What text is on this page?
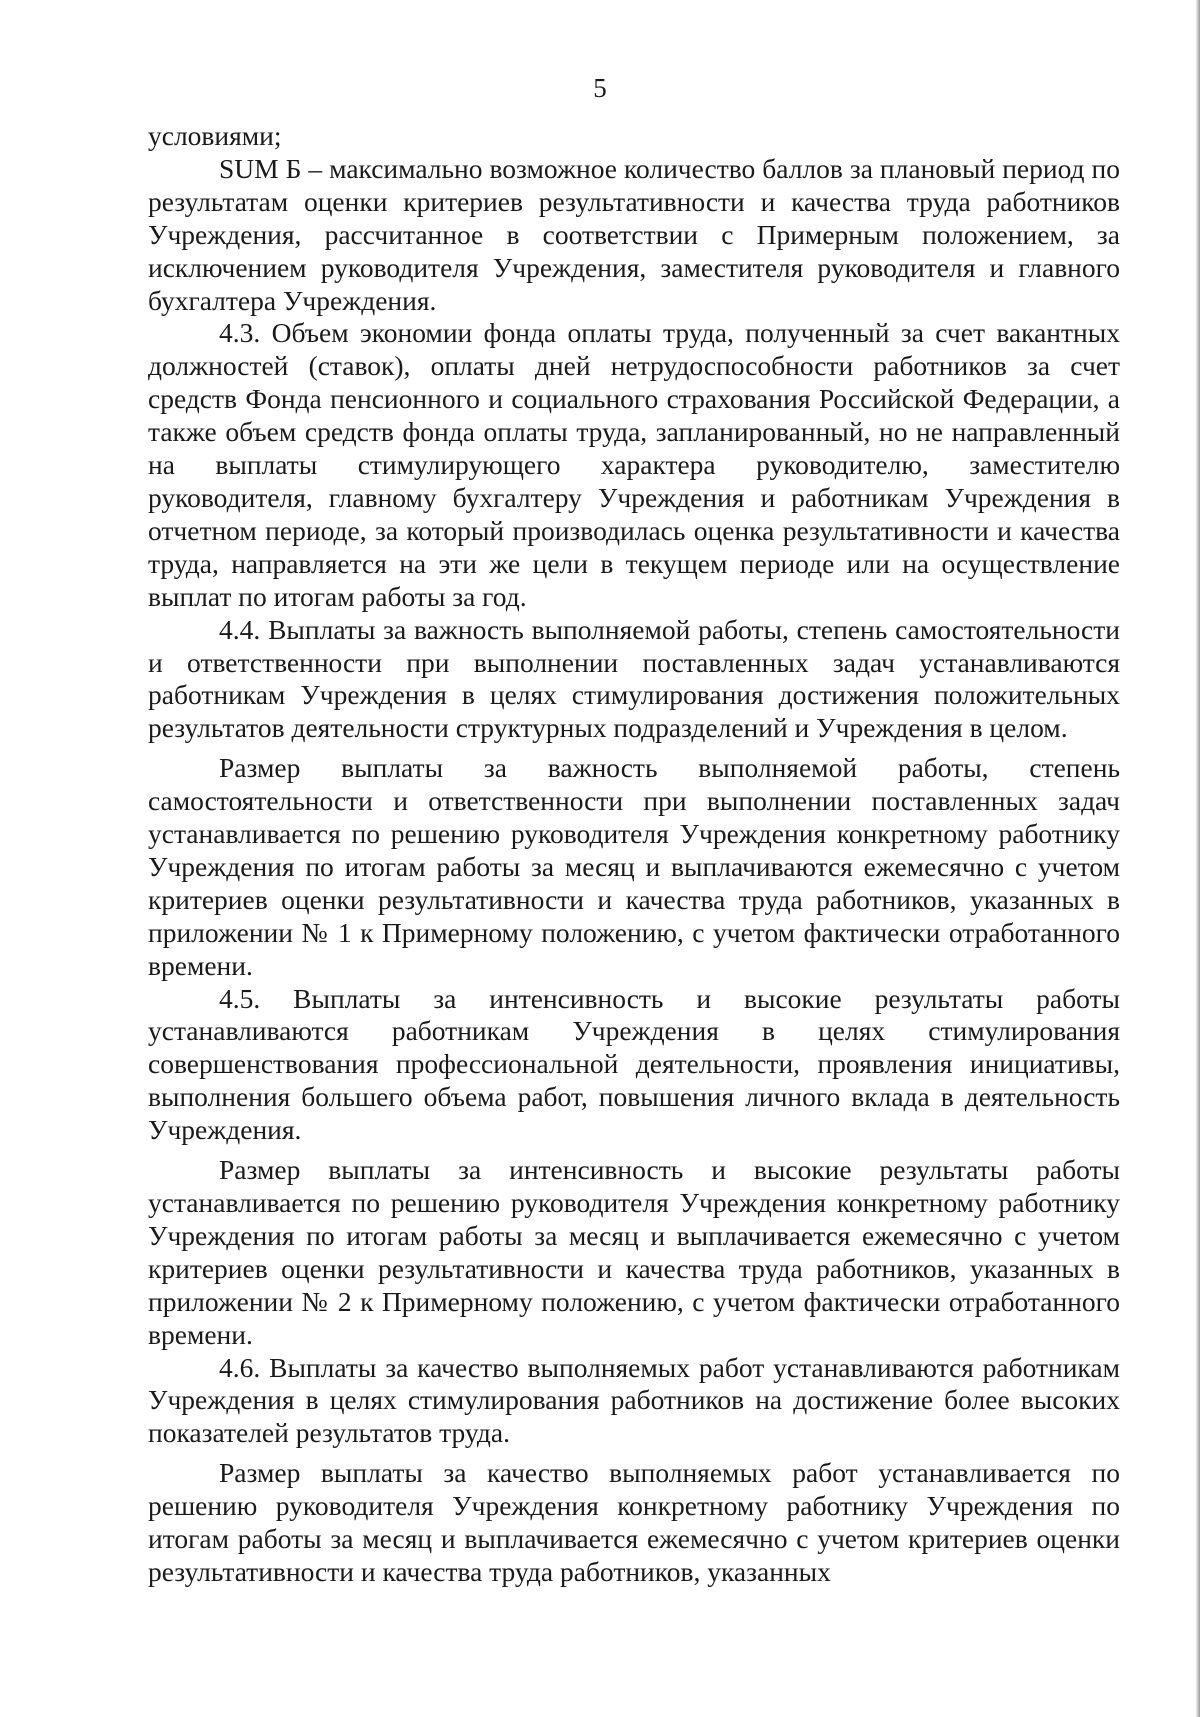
5

условиями;

SUM Б – максимально возможное количество баллов за плановый период по результатам оценки критериев результативности и качества труда работников Учреждения, рассчитанное в соответствии с Примерным положением, за исключением руководителя Учреждения, заместителя руководителя и главного бухгалтера Учреждения.

4.3. Объем экономии фонда оплаты труда, полученный за счет вакантных должностей (ставок), оплаты дней нетрудоспособности работников за счет средств Фонда пенсионного и социального страхования Российской Федерации, а также объем средств фонда оплаты труда, запланированный, но не направленный на выплаты стимулирующего характера руководителю, заместителю руководителя, главному бухгалтеру Учреждения и работникам Учреждения в отчетном периоде, за который производилась оценка результативности и качества труда, направляется на эти же цели в текущем периоде или на осуществление выплат по итогам работы за год.

4.4. Выплаты за важность выполняемой работы, степень самостоятельности и ответственности при выполнении поставленных задач устанавливаются работникам Учреждения в целях стимулирования достижения положительных результатов деятельности структурных подразделений и Учреждения в целом.

Размер выплаты за важность выполняемой работы, степень самостоятельности и ответственности при выполнении поставленных задач устанавливается по решению руководителя Учреждения конкретному работнику Учреждения по итогам работы за месяц и выплачиваются ежемесячно с учетом критериев оценки результативности и качества труда работников, указанных в приложении № 1 к Примерному положению, с учетом фактически отработанного времени.

4.5. Выплаты за интенсивность и высокие результаты работы устанавливаются работникам Учреждения в целях стимулирования совершенствования профессиональной деятельности, проявления инициативы, выполнения большего объема работ, повышения личного вклада в деятельность Учреждения.

Размер выплаты за интенсивность и высокие результаты работы устанавливается по решению руководителя Учреждения конкретному работнику Учреждения по итогам работы за месяц и выплачивается ежемесячно с учетом критериев оценки результативности и качества труда работников, указанных в приложении № 2 к Примерному положению, с учетом фактически отработанного времени.

4.6. Выплаты за качество выполняемых работ устанавливаются работникам Учреждения в целях стимулирования работников на достижение более высоких показателей результатов труда.

Размер выплаты за качество выполняемых работ устанавливается по решению руководителя Учреждения конкретному работнику Учреждения по итогам работы за месяц и выплачивается ежемесячно с учетом критериев оценки результативности и качества труда работников, указанных
